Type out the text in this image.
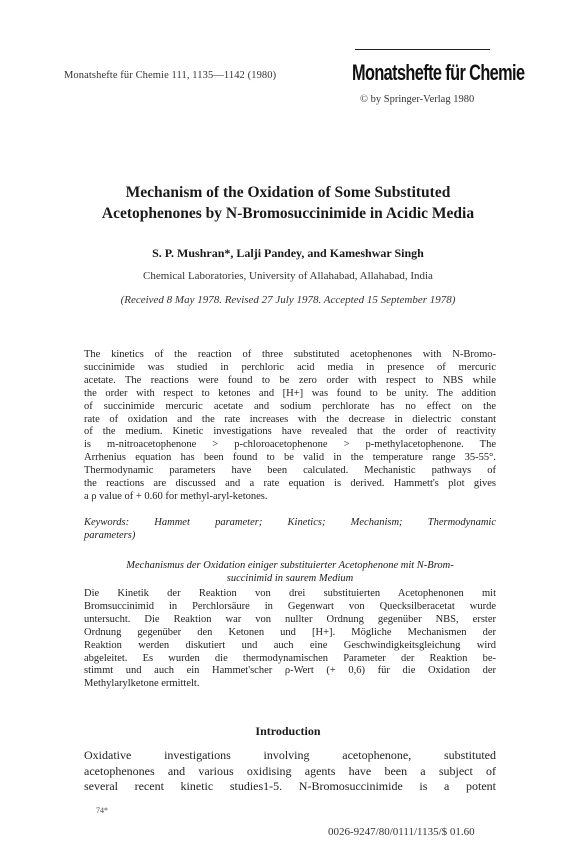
Monatshefte für Chemie 111, 1135—1142 (1980)	Monatshefte für Chemie
© by Springer-Verlag 1980
Mechanism of the Oxidation of Some Substituted
Acetophenones by N-Bromosuccinimide in Acidic Media
S. P. Mushran*, Lalji Pandey, and Kameshwar Singh
Chemical Laboratories, University of Allahabad, Allahabad, India
(Received 8 May 1978. Revised 27 July 1978. Accepted 15 September 1978)
The kinetics of the reaction of three substituted acetophenones with N-Bromo-
succinimide was studied in perchloric acid media in presence of mercuric
acetate. The reactions were found to be zero order with respect to NBS while
the order with respect to ketones and [H+] was found to be unity. The addition
of succinimide mercuric acetate and sodium perchlorate has no effect on the
rate of oxidation and the rate increases with the decrease in dielectric constant
of the medium. Kinetic investigations have revealed that the order of reactivity
is m-nitroacetophenone > p-chloroacetophenone > p-methylacetophenone. The
Arrhenius equation has been found to be valid in the temperature range 35-55°.
Thermodynamic parameters have been calculated. Mechanistic pathways of
the reactions are discussed and a rate equation is derived. Hammett's plot gives
a ρ value of + 0.60 for methyl-aryl-ketones.
Keywords: Hammet parameter; Kinetics; Mechanism; Thermodynamic
parameters)
Mechanismus der Oxidation einiger substituierter Acetophenone mit N-Brom-
succinimid in saurem Medium
Die Kinetik der Reaktion von drei substituierten Acetophenonen mit
Bromsuccinimid in Perchlorsäure in Gegenwart von Quecksilberacetat wurde
untersucht. Die Reaktion war von nullter Ordnung gegenüber NBS, erster
Ordnung gegenüber den Ketonen und [H+]. Mögliche Mechanismen der
Reaktion werden diskutiert und auch eine Geschwindigkeitsgleichung wird
abgeleitet. Es wurden die thermodynamischen Parameter der Reaktion be-
stimmt und auch ein Hammet'scher ρ-Wert (+ 0,6) für die Oxidation der
Methylarylketone ermittelt.
Introduction
Oxidative investigations involving acetophenone, substituted
acetophenones and various oxidising agents have been a subject of
several recent kinetic studies1-5. N-Bromosuccinimide is a potent
74*
0026-9247/80/0111/1135/$ 01.60
